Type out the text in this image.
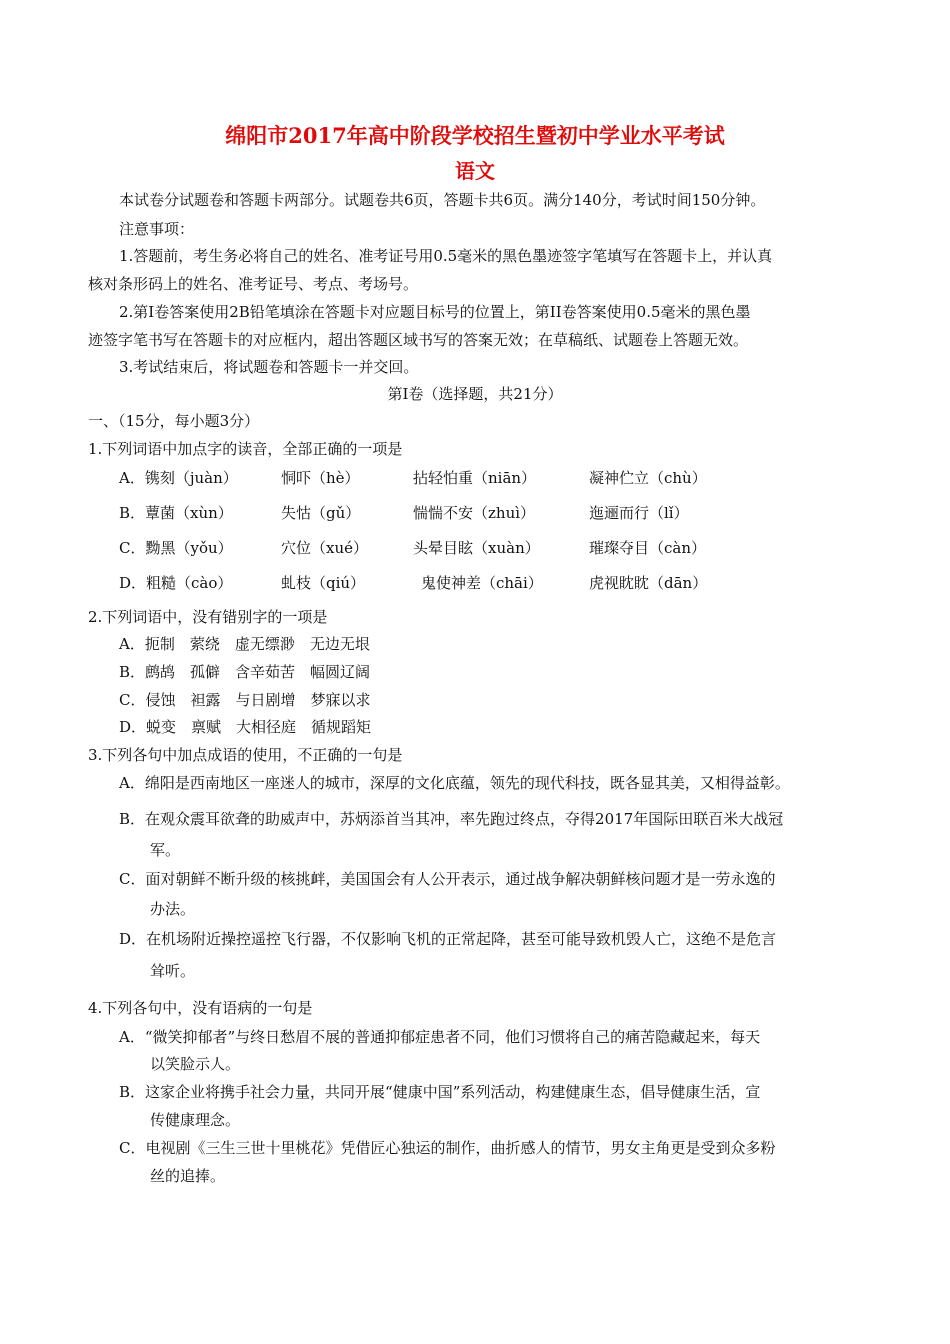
绵阳市2017年高中阶段学校招生暨初中学业水平考试
语文
本试卷分试题卷和答题卡两部分。试题卷共6页，答题卡共6页。满分140分，考试时间150分钟。
注意事项：
1.答题前，考生务必将自己的姓名、准考证号用0.5毫米的黑色墨迹签字笔填写在答题卡上，并认真
核对条形码上的姓名、准考证号、考点、考场号。
2.第I卷答案使用2B铅笔填涂在答题卡对应题目标号的位置上，第II卷答案使用0.5毫米的黑色墨
迹签字笔书写在答题卡的对应框内，超出答题区域书写的答案无效；在草稿纸、试题卷上答题无效。
3.考试结束后，将试题卷和答题卡一并交回。
第I卷（选择题，共21分）
一、（15分，每小题3分）
1.下列词语中加点字的读音，全部正确的一项是
A．镌刻（juàn）	恫吓（hè）	拈轻怕重（niān）	凝神伫立（chù）
B．蕈菌（xùn）	失怙（gǔ）	惴惴不安（zhuì）	迤逦而行（lǐ）
C．黝黑（yǒu）	穴位（xué）	头晕目眩（xuàn）	璀璨夺目（càn）
D．粗糙（cào）	虬枝（qiú）	鬼使神差（chāi）	虎视眈眈（dān）
2.下列词语中，没有错别字的一项是
A．扼制　萦绕　虚无缥渺　无边无垠
B．鹧鸪　孤僻　含辛茹苦　幅圆辽阔
C．侵蚀　袒露　与日剧增　梦寐以求
D．蜕变　禀赋　大相径庭　循规蹈矩
3.下列各句中加点成语的使用，不正确的一句是
A．绵阳是西南地区一座迷人的城市，深厚的文化底蕴，领先的现代科技，既各显其美，又相得益彰。
B．在观众震耳欲聋的助威声中，苏炳添首当其冲，率先跑过终点，夺得2017年国际田联百米大战冠
军。
C．面对朝鲜不断升级的核挑衅，美国国会有人公开表示，通过战争解决朝鲜核问题才是一劳永逸的
办法。
D．在机场附近操控遥控飞行器，不仅影响飞机的正常起降，甚至可能导致机毁人亡，这绝不是危言
耸听。
4.下列各句中，没有语病的一句是
A．“微笑抑郁者”与终日愁眉不展的普通抑郁症患者不同，他们习惯将自己的痛苦隐藏起来，每天
以笑脸示人。
B．这家企业将携手社会力量，共同开展“健康中国”系列活动，构建健康生态，倡导健康生活，宣
传健康理念。
C．电视剧《三生三世十里桃花》凭借匠心独运的制作，曲折感人的情节，男女主角更是受到众多粉
丝的追捧。
